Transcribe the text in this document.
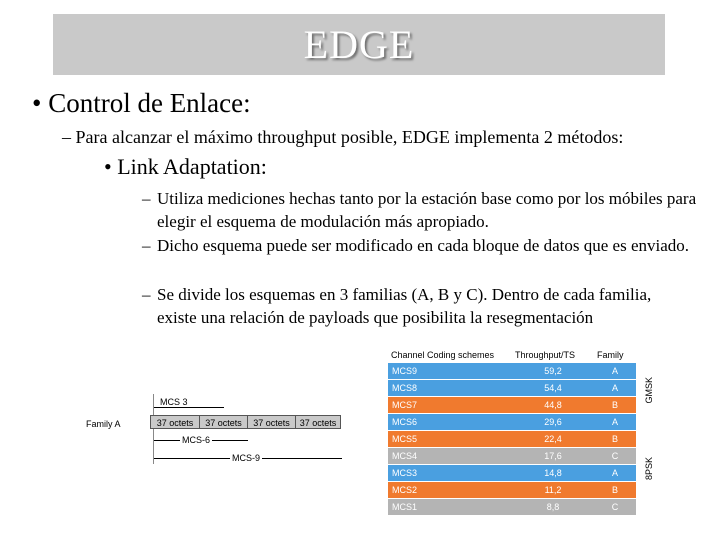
EDGE
• Control de Enlace:
– Para alcanzar el máximo throughput posible, EDGE implementa 2 métodos:
• Link Adaptation:
– Utiliza mediciones hechas tanto por la estación base como por los móbiles para elegir el esquema de modulación más apropiado.
– Dicho esquema puede ser modificado en cada bloque de datos que es enviado.
– Se divide los esquemas en 3 familias (A, B y C). Dentro de cada familia, existe una relación de payloads que posibilita la resegmentación
MCS 3
Family A	37 octets	37 octets	37 octets	37 octets
MCS-6
MCS-9
Channel Coding schemes	Throughput/TS	Family
MCS9	59,2	A
MCS8	54,4	A
MCS7	44,8	B
MCS6	29,6	A
MCS5	22,4	B
MCS4	17,6	C
MCS3	14,8	A
MCS2	11,2	B
MCS1	8,8	C
GMSK
8PSK
